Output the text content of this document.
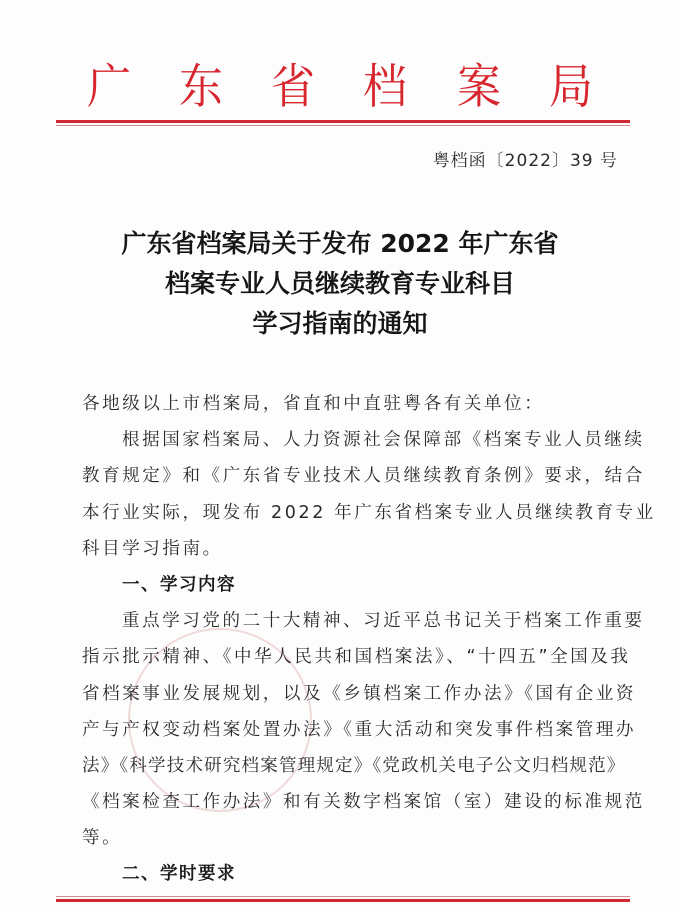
广 东 省 档 案 局
粤档函〔2022〕39 号
广东省档案局关于发布 2022 年广东省
档案专业人员继续教育专业科目
学习指南的通知
各地级以上市档案局，省直和中直驻粤各有关单位：
根据国家档案局、人力资源社会保障部《档案专业人员继续
教育规定》和《广东省专业技术人员继续教育条例》要求，结合
本行业实际，现发布 2022 年广东省档案专业人员继续教育专业
科目学习指南。
一、学习内容
重点学习党的二十大精神、习近平总书记关于档案工作重要
指示批示精神、《中华人民共和国档案法》、“十四五”全国及我
省档案事业发展规划，以及《乡镇档案工作办法》《国有企业资
产与产权变动档案处置办法》《重大活动和突发事件档案管理办
法》《科学技术研究档案管理规定》《党政机关电子公文归档规范》
《档案检查工作办法》和有关数字档案馆（室）建设的标准规范
等。
二、学时要求
